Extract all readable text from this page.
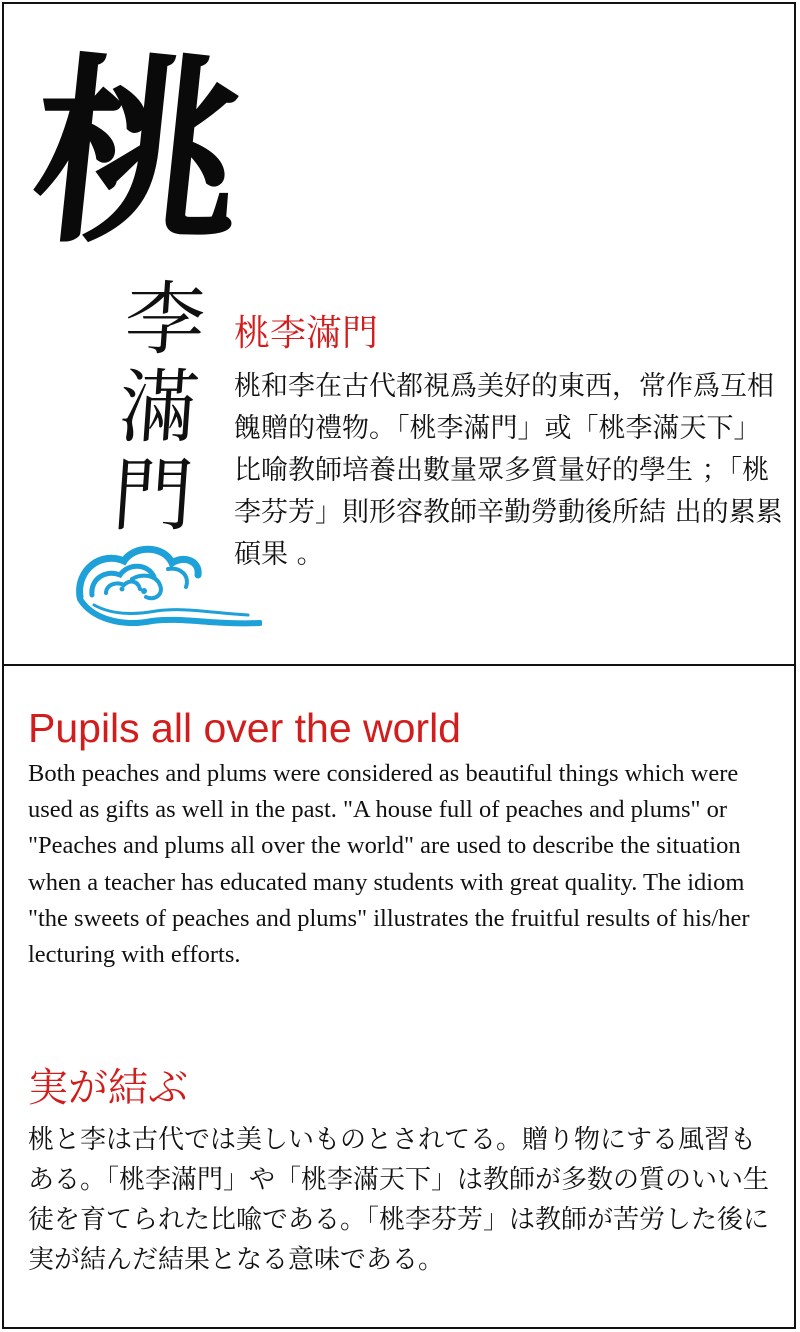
桃
李
滿
門
桃李滿門
桃和李在古代都視爲美好的東西，常作爲互相餽贈的禮物。「桃李滿門」或「桃李滿天下」 比喻教師培養出數量眾多質量好的學生 ；「桃李芬芳」則形容教師辛勤勞動後所結 出的累累碩果 。
Pupils all over the world
Both peaches and plums were considered as beautiful things which were used as gifts as well in the past. "A house full of peaches and plums" or "Peaches and plums all over the world" are used to describe the situation when a teacher has educated many students with great quality. The idiom "the sweets of peaches and plums" illustrates the fruitful results of his/her lecturing with efforts.
実が結ぶ
桃と李は古代では美しいものとされてる。贈り物にする風習もある。「桃李滿門」や「桃李滿天下」は教師が多数の質のいい生徒を育てられた比喩である。「桃李芬芳」は教師が苦労した後に実が結んだ結果となる意味である。
